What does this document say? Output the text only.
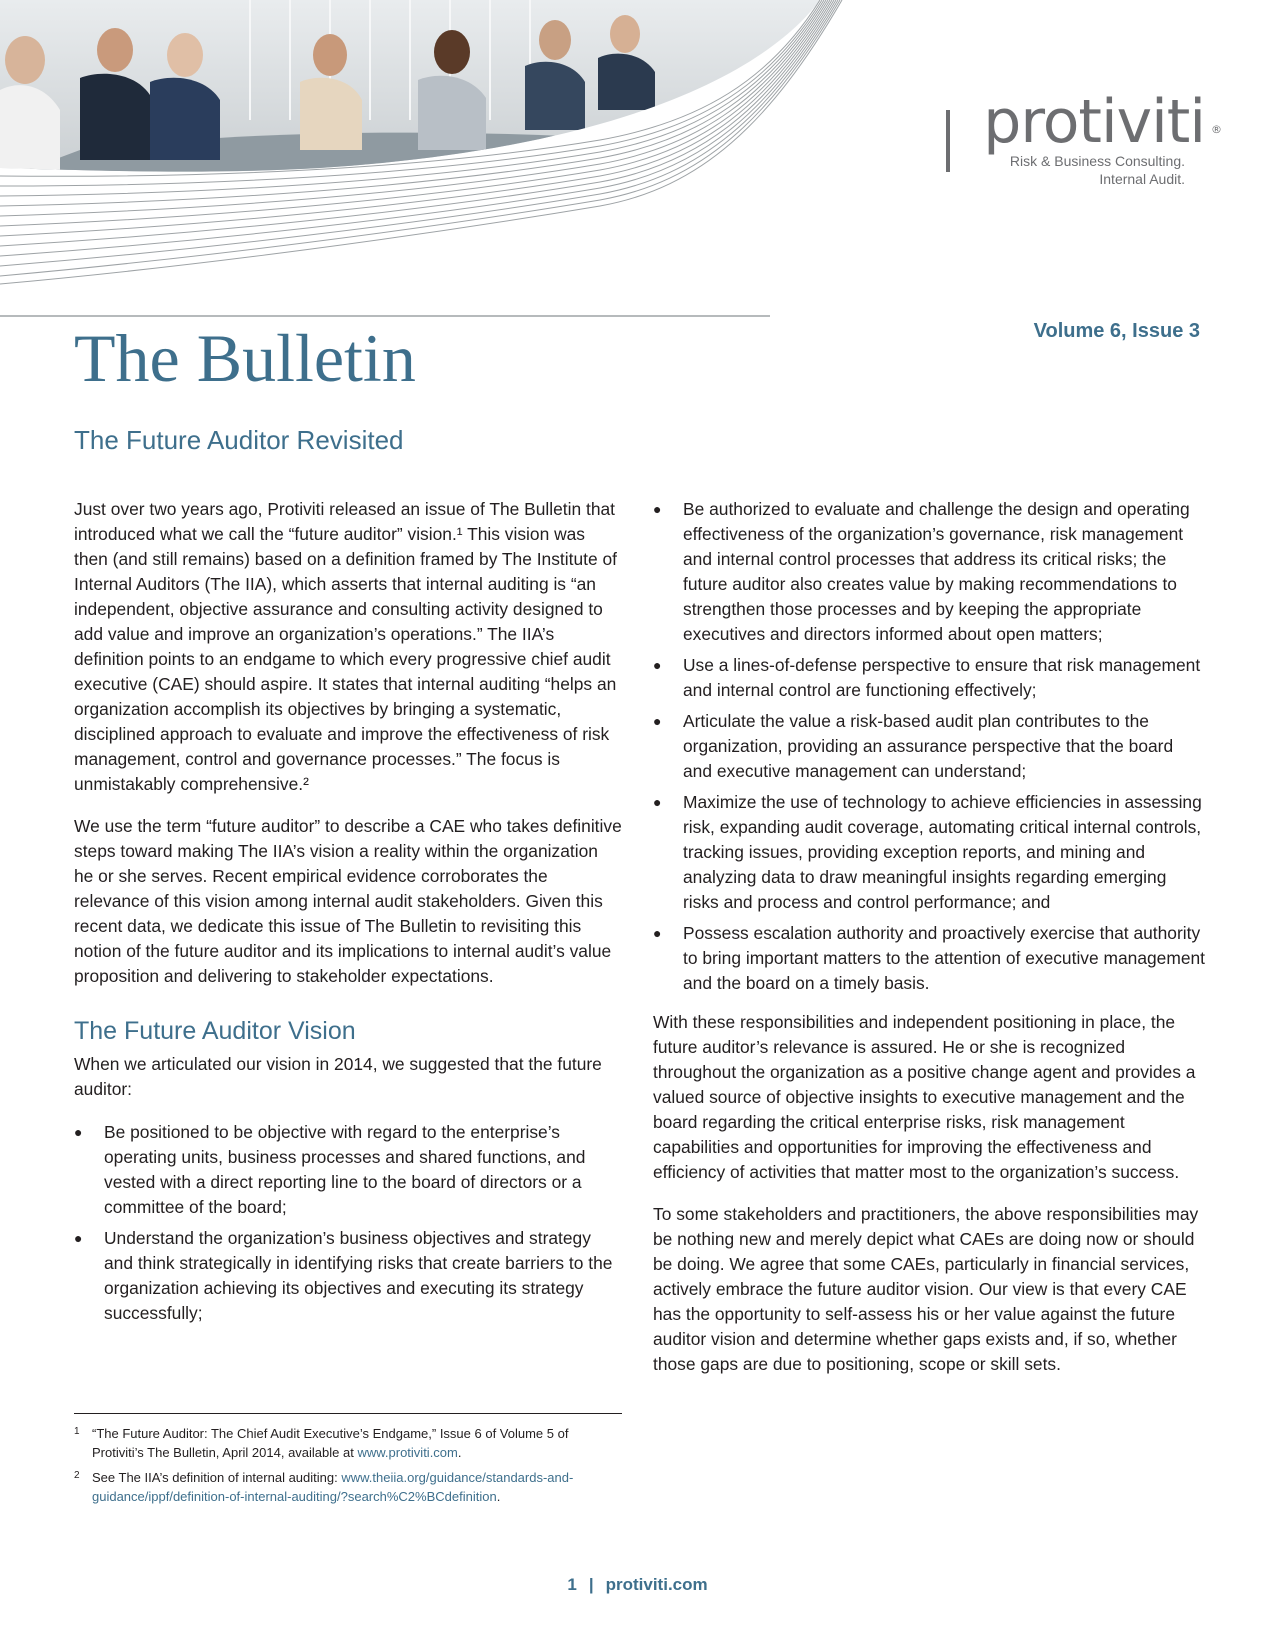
protiviti ®
Risk & Business Consulting.
Internal Audit.
Volume 6, Issue 3
The Bulletin
The Future Auditor Revisited

Just over two years ago, Protiviti released an issue of The Bulletin that introduced what we call the “future auditor” vision.¹ This vision was then (and still remains) based on a definition framed by The Institute of Internal Auditors (The IIA), which asserts that internal auditing is “an independent, objective assurance and consulting activity designed to add value and improve an organization’s operations.” The IIA’s definition points to an endgame to which every progressive chief audit executive (CAE) should aspire. It states that internal auditing “helps an organization accomplish its objectives by bringing a systematic, disciplined approach to evaluate and improve the effectiveness of risk management, control and governance processes.” The focus is unmistakably comprehensive.²

We use the term “future auditor” to describe a CAE who takes definitive steps toward making The IIA’s vision a reality within the organization he or she serves. Recent empirical evidence corroborates the relevance of this vision among internal audit stakeholders. Given this recent data, we dedicate this issue of The Bulletin to revisiting this notion of the future auditor and its implications to internal audit’s value proposition and delivering to stakeholder expectations.

The Future Auditor Vision

When we articulated our vision in 2014, we suggested that the future auditor:

● Be positioned to be objective with regard to the enterprise’s operating units, business processes and shared functions, and vested with a direct reporting line to the board of directors or a committee of the board;
● Understand the organization’s business objectives and strategy and think strategically in identifying risks that create barriers to the organization achieving its objectives and executing its strategy successfully;
● Be authorized to evaluate and challenge the design and operating effectiveness of the organization’s governance, risk management and internal control processes that address its critical risks; the future auditor also creates value by making recommendations to strengthen those processes and by keeping the appropriate executives and directors informed about open matters;
● Use a lines-of-defense perspective to ensure that risk management and internal control are functioning effectively;
● Articulate the value a risk-based audit plan contributes to the organization, providing an assurance perspective that the board and executive management can understand;
● Maximize the use of technology to achieve efficiencies in assessing risk, expanding audit coverage, automating critical internal controls, tracking issues, providing exception reports, and mining and analyzing data to draw meaningful insights regarding emerging risks and process and control performance; and
● Possess escalation authority and proactively exercise that authority to bring important matters to the attention of executive management and the board on a timely basis.

With these responsibilities and independent positioning in place, the future auditor’s relevance is assured. He or she is recognized throughout the organization as a positive change agent and provides a valued source of objective insights to executive management and the board regarding the critical enterprise risks, risk management capabilities and opportunities for improving the effectiveness and efficiency of activities that matter most to the organization’s success.

To some stakeholders and practitioners, the above responsibilities may be nothing new and merely depict what CAEs are doing now or should be doing. We agree that some CAEs, particularly in financial services, actively embrace the future auditor vision. Our view is that every CAE has the opportunity to self-assess his or her value against the future auditor vision and determine whether gaps exists and, if so, whether those gaps are due to positioning, scope or skill sets.

1 “The Future Auditor: The Chief Audit Executive’s Endgame,” Issue 6 of Volume 5 of Protiviti’s The Bulletin, April 2014, available at www.protiviti.com.
2 See The IIA’s definition of internal auditing: www.theiia.org/guidance/standards-and-guidance/ippf/definition-of-internal-auditing/?search%C2%BCdefinition.
1 | protiviti.com
